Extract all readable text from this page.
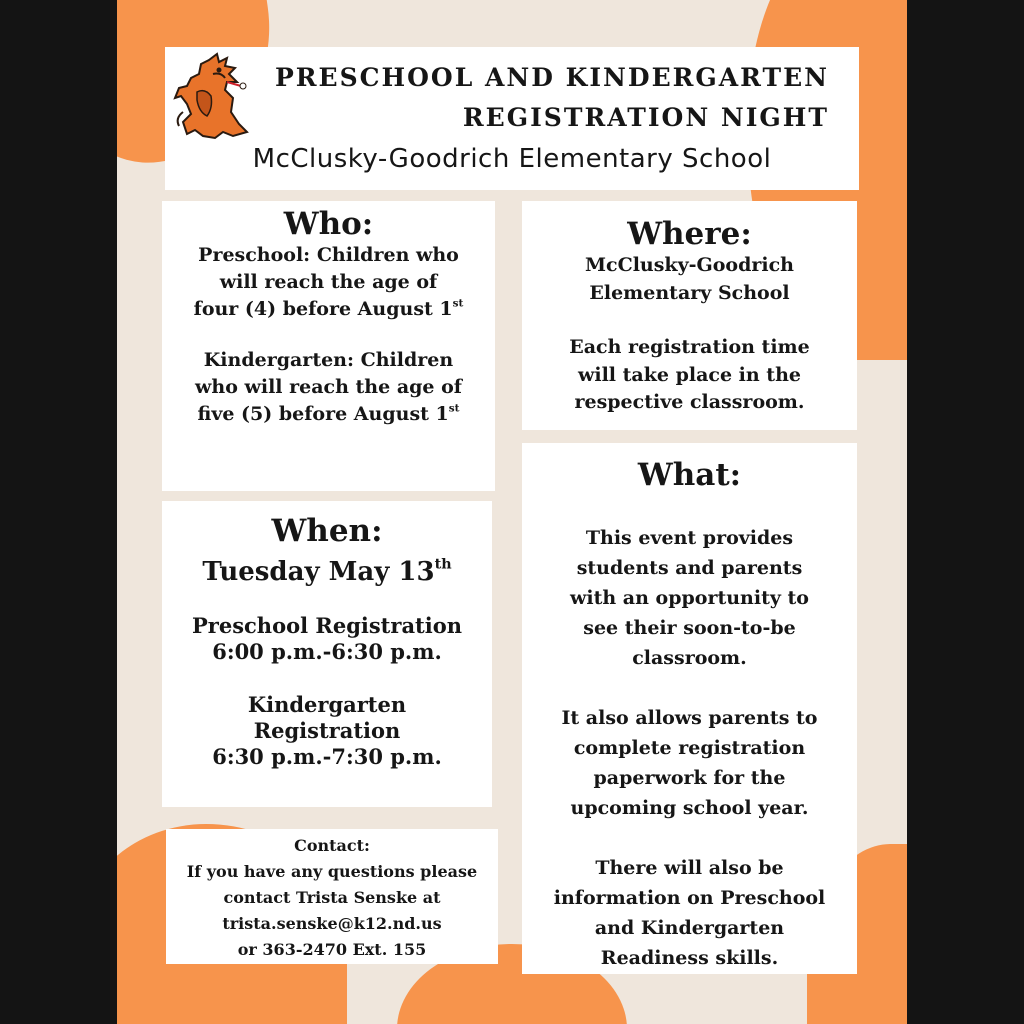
PRESCHOOL AND KINDERGARTEN
REGISTRATION NIGHT
McClusky-Goodrich Elementary School
Who:

Preschool: Children who
will reach the age of
four (4) before August 1st

Kindergarten: Children
who will reach the age of
five (5) before August 1st

Where:

McClusky-Goodrich
Elementary School

Each registration time
will take place in the
respective classroom.

When:

Tuesday May 13th

Preschool Registration
6:00 p.m.-6:30 p.m.

Kindergarten
Registration
6:30 p.m.-7:30 p.m.

What:

This event provides
students and parents
with an opportunity to
see their soon-to-be
classroom.

It also allows parents to
complete registration
paperwork for the
upcoming school year.

There will also be
information on Preschool
and Kindergarten
Readiness skills.

Contact:
If you have any questions please
contact Trista Senske at
trista.senske@k12.nd.us
or 363-2470 Ext. 155
